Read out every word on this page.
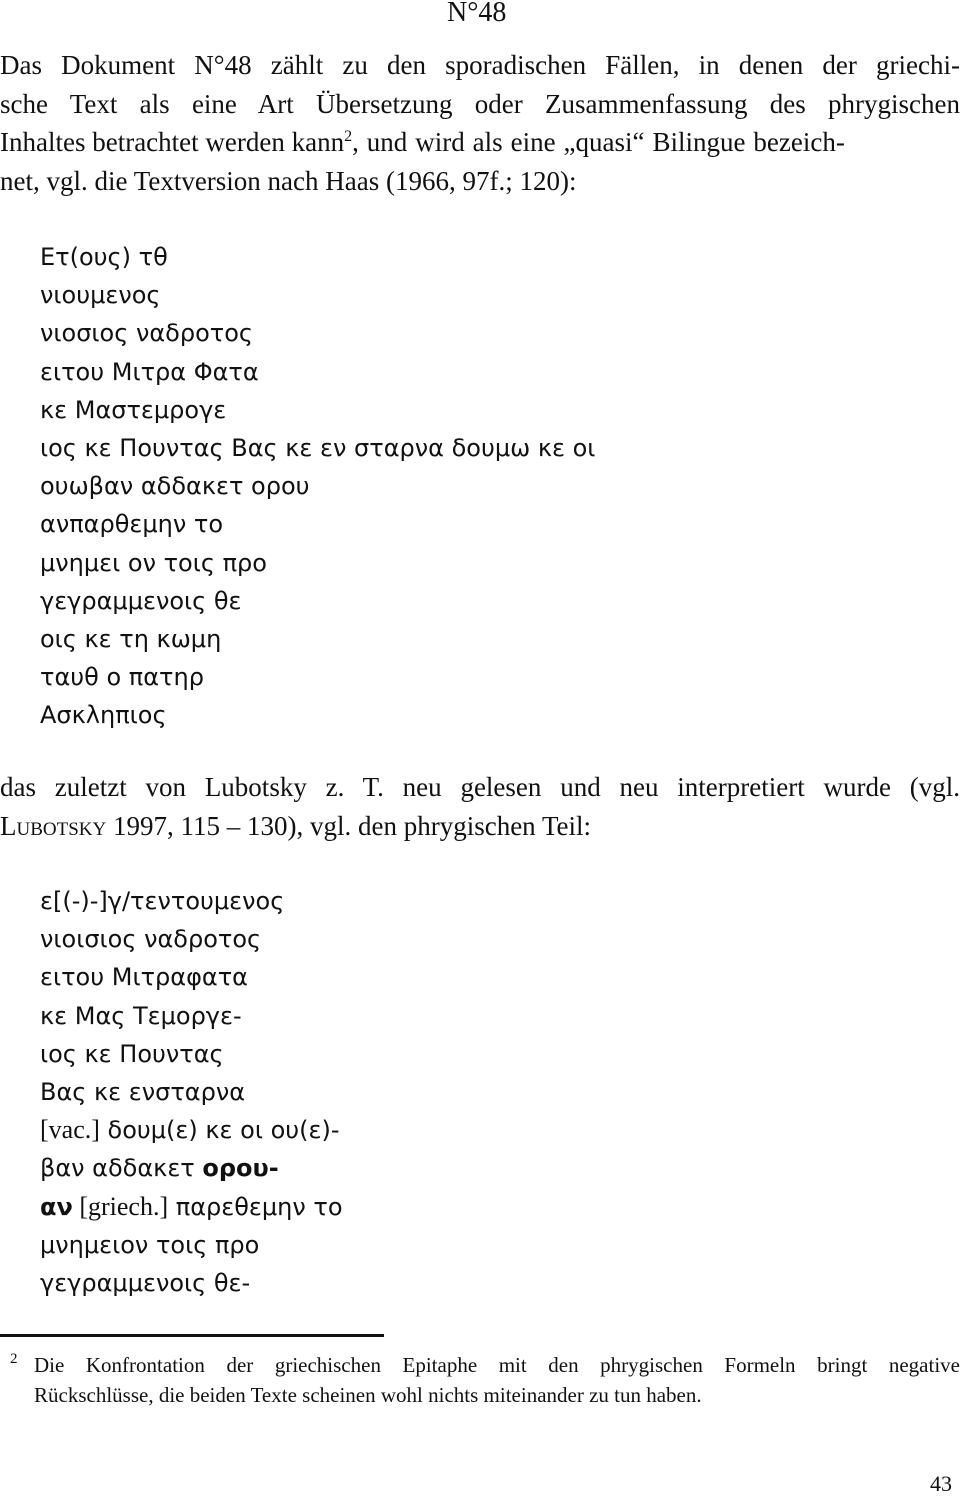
N°48
Das Dokument N°48 zählt zu den sporadischen Fällen, in denen der griechi-
sche Text als eine Art Übersetzung oder Zusammenfassung des phrygischen
Inhaltes betrachtet werden kann$^2$, und wird als eine „quasi“ Bilingue bezeich-
net, vgl. die Textversion nach Haas (1966, 97f.; 120):
Ετ(ους) τθ
νιουμενος
νιοσιος ναδροτος
ειτου Μιτρα Φατα
κε Μαστεμρογε
ιος κε Πουντας Βας κε εν σταρνα δουμω κε οι
ουωβαν αδδακετ ορου
ανπαρθεμην το
μνημει ον τοις προ
γεγραμμενοις θε
οις κε τη κωμη
ταυθ ο πατηρ
Ασκληπιος
das zuletzt von Lubotsky z. T. neu gelesen und neu interpretiert wurde (vgl.
Lubotsky 1997, 115 – 130), vgl. den phrygischen Teil:
ε[(-)-]γ/τεντουμενος
νιοισιος ναδροτος
ειτου Μιτραφατα
κε Μας Τεμοργε-
ιος κε Πουντας
Βας κε ενσταρνα
[vac.] δουμ(ε) κε οι ου(ε)-
βαν αδδακετ ορου-
αν [griech.] παρεθεμην το
μνημειον τοις προ
γεγραμμενοις θε-
2 Die Konfrontation der griechischen Epitaphe mit den phrygischen Formeln bringt negative
Rückschlüsse, die beiden Texte scheinen wohl nichts miteinander zu tun haben.
43
